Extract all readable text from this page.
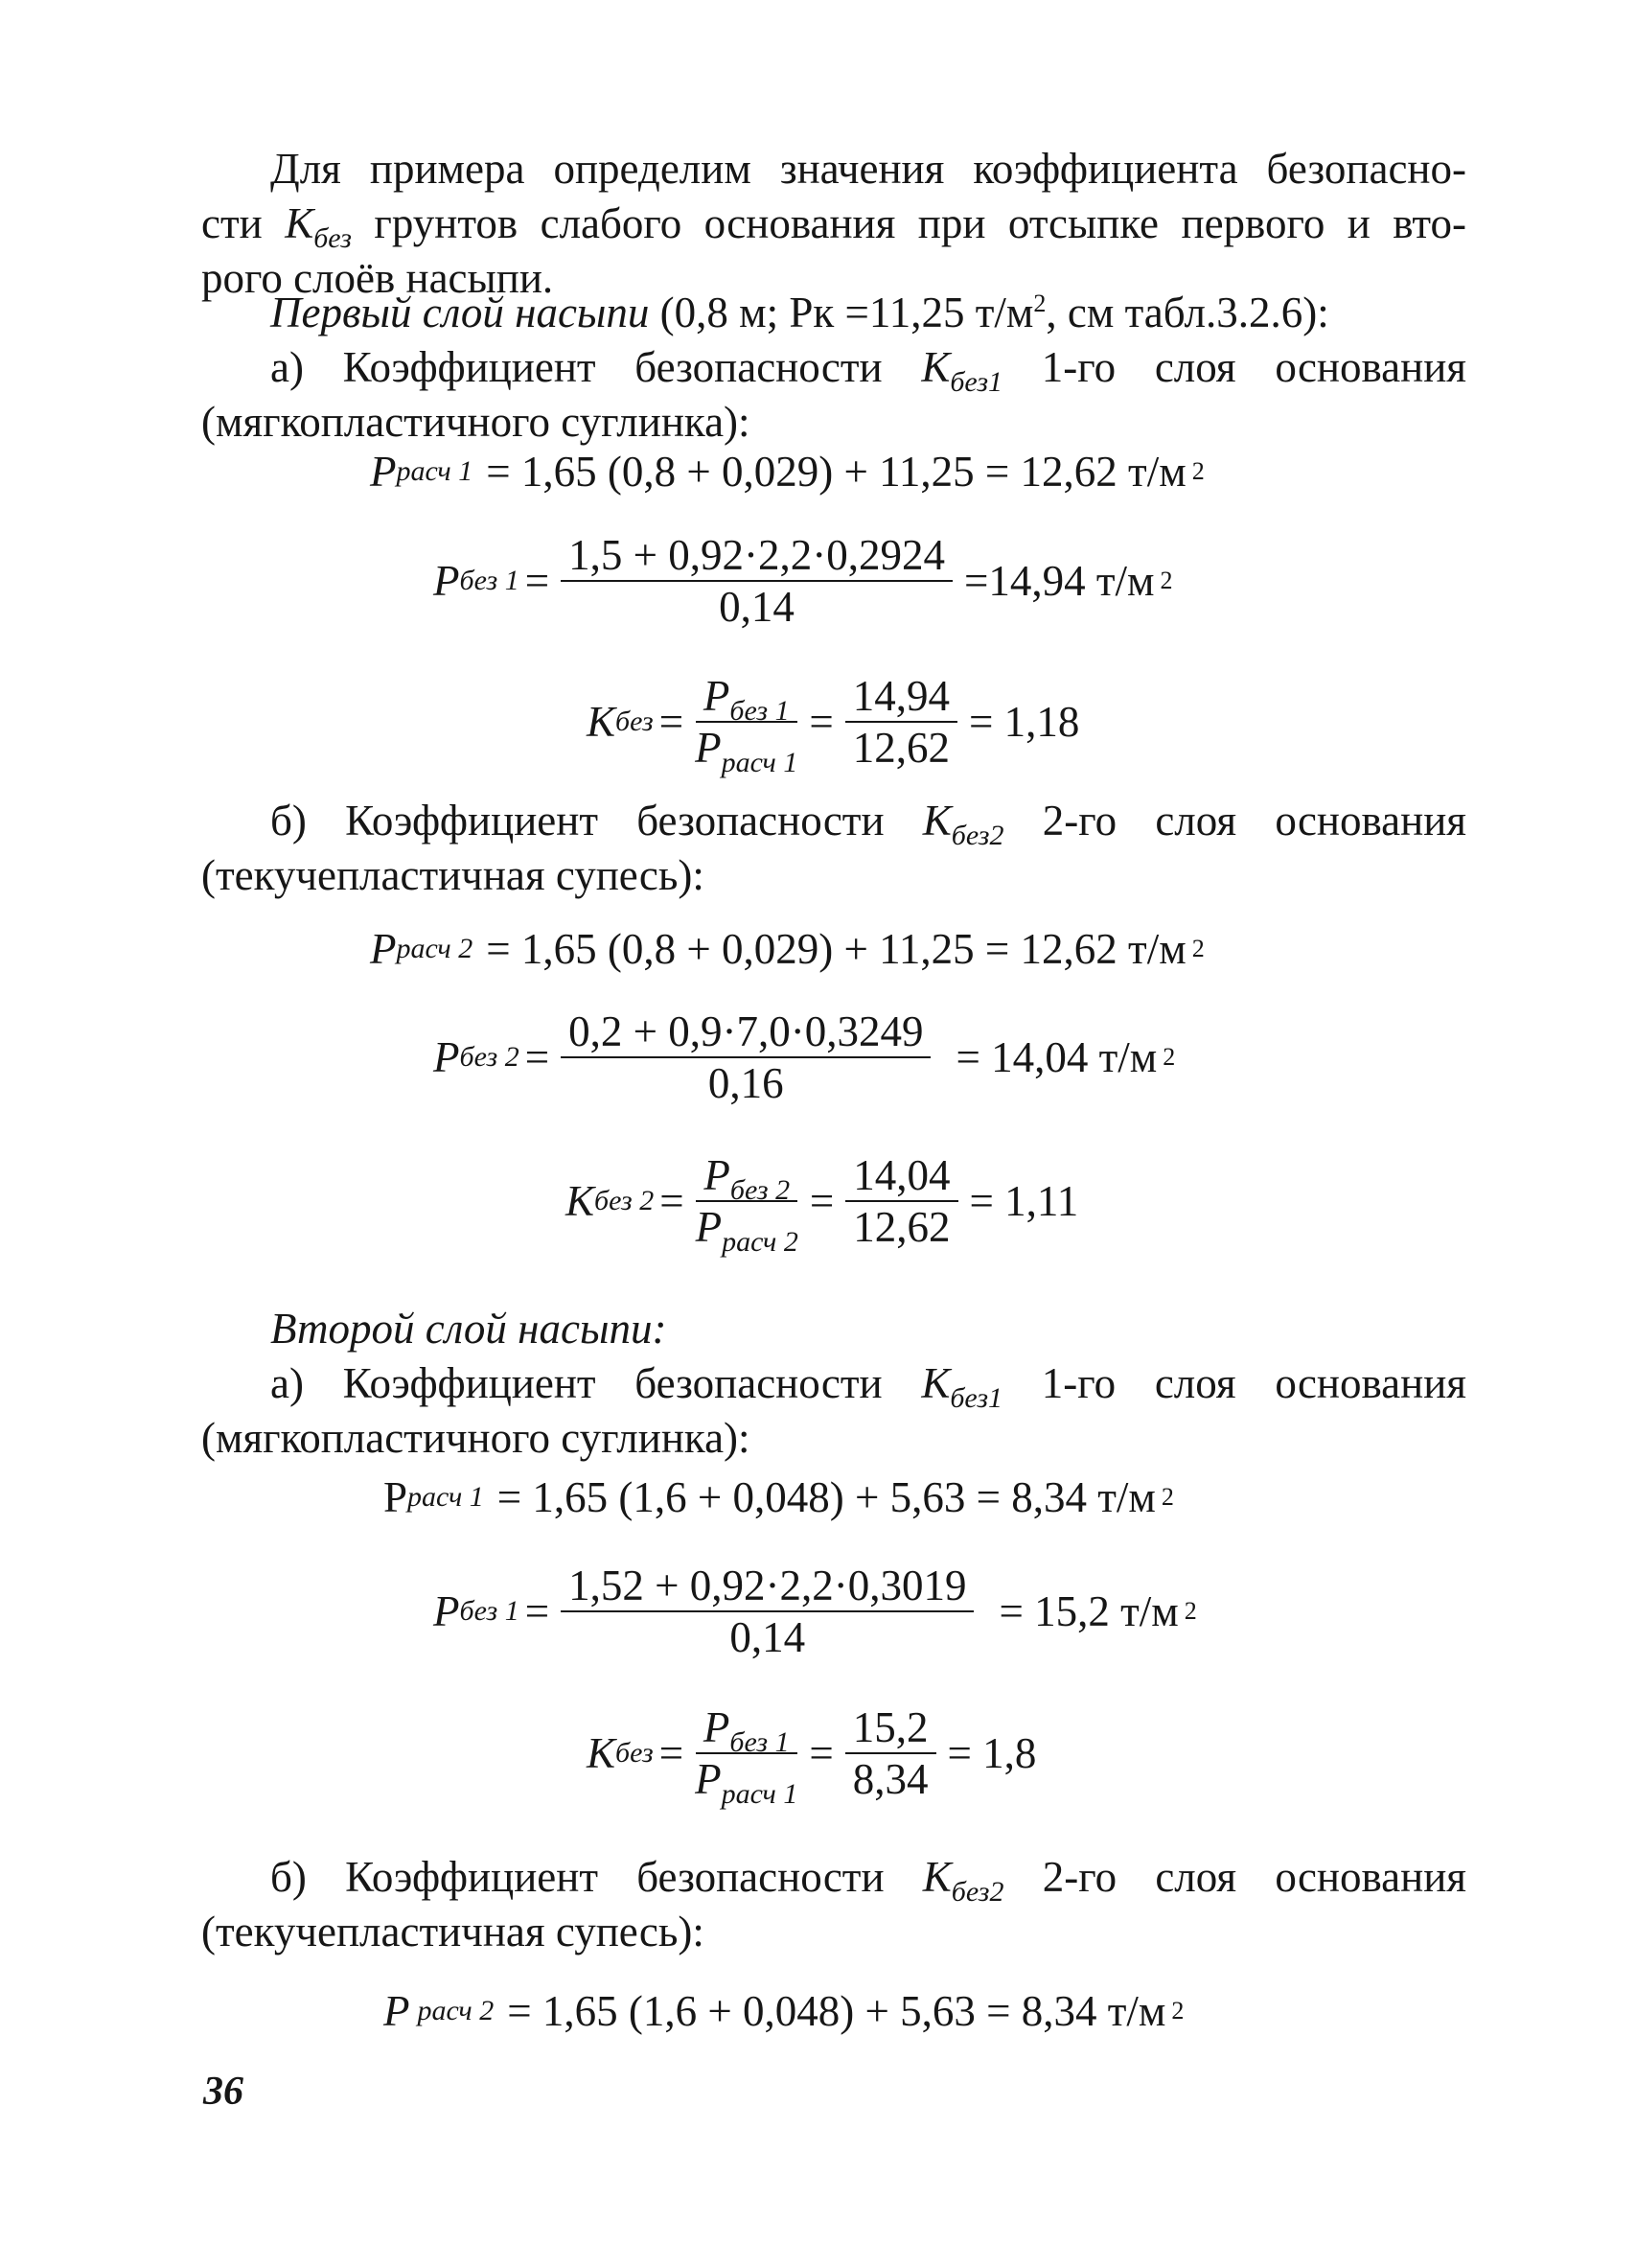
Для примера определим значения коэффициента безопасно-
сти $K_{без}$ грунтов слабого основания при отсыпке первого и вто-
рого слоёв насыпи.
Первый слой насыпи (0,8 м; Рк =11,25 $т/м^2$, см табл.3.2.6):
а) Коэффициент безопасности $K_{без1}$ 1-го слоя основания
(мягкопластичного суглинка):
P расч 1 = 1,65 (0,8 + 0,029) + 11,25 = 12,62 т/м 2
P без $1 = \frac{1,5 + 0,92\cdot 2,2\cdot 0,2924}{0,14} =14,94$ т/м 2
K без = $\frac{P_{без 1}}{P_{расч 1}} = \frac{14,94}{12,62} = 1,18$
б) Коэффициент безопасности $K_{без2}$ 2-го слоя основания
(текучепластичная супесь):
P расч 2 = 1,65 (0,8 + 0,029) + 11,25 = 12,62 т/м 2
P без $2 = \frac{0,2 + 0,9\cdot 7,0\cdot 0,3249}{0,16} = 14,04$ т/м 2
K без $2 = \frac{P_{без 2}}{P_{расч 2}} = \frac{14,04}{12,62} = 1,11$
Второй слой насыпи:
а) Коэффициент безопасности $K_{без1}$ 1-го слоя основания
(мягкопластичного суглинка):
Р расч 1 = 1,65 (1,6 + 0,048) + 5,63 = 8,34 т/м 2
P без $1 = \frac{1,52 + 0,92\cdot 2,2\cdot 0,3019}{0,14} = 15,2$ т/м 2
K без = $\frac{P_{без 1}}{P_{расч 1}} = \frac{15,2}{8,34} = 1,8$
б) Коэффициент безопасности $K_{без2}$ 2-го слоя основания
(текучепластичная супесь):
P расч 2 = 1,65 (1,6 + 0,048) + 5,63 = 8,34 т/м 2
36
